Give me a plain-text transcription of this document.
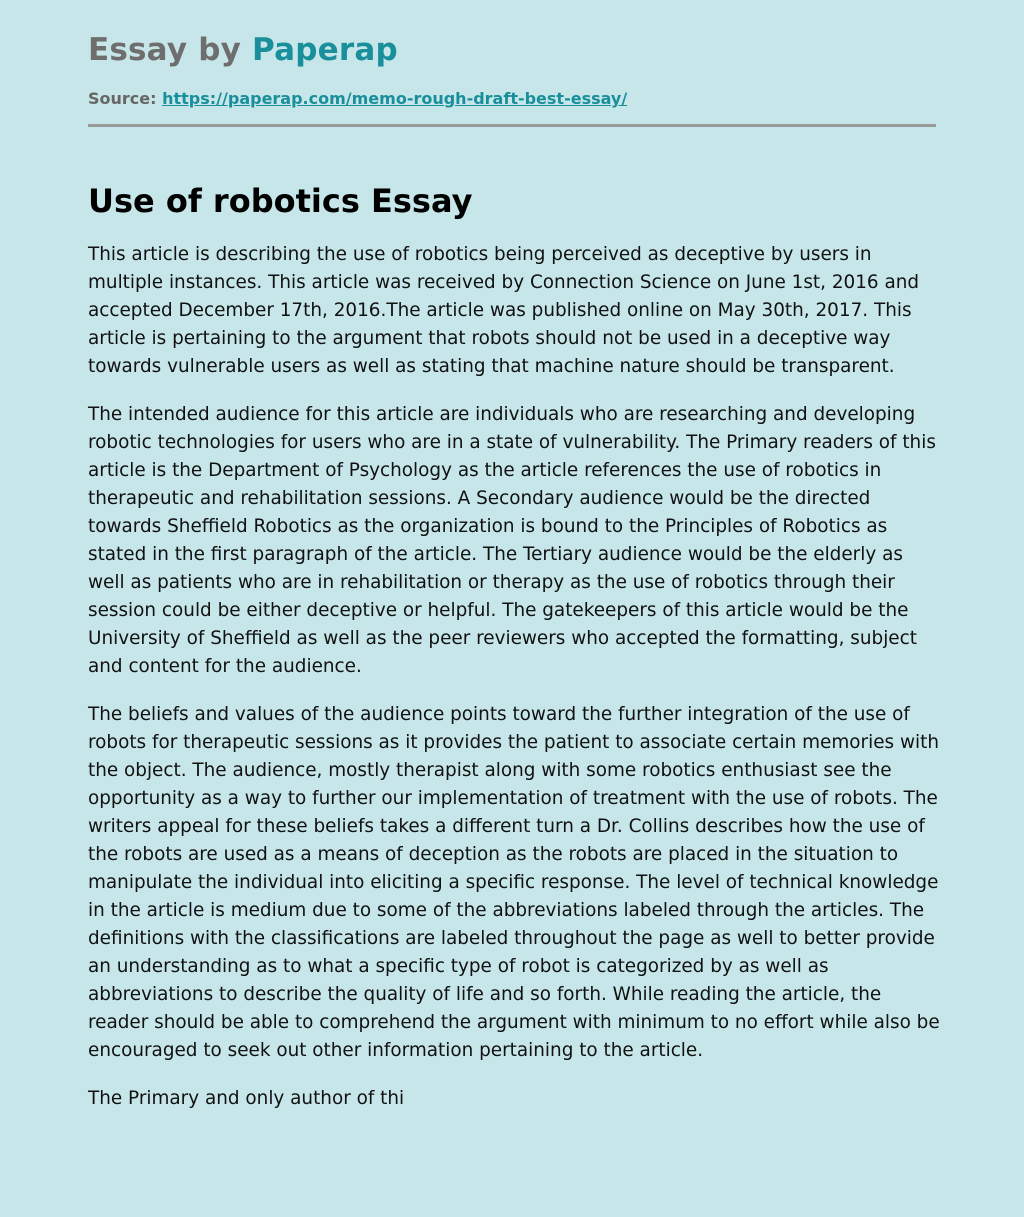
Essay by Paperap
Source: https://paperap.com/memo-rough-draft-best-essay/
Use of robotics Essay

This article is describing the use of robotics being perceived as deceptive by users in multiple instances. This article was received by Connection Science on June 1st, 2016 and accepted December 17th, 2016.The article was published online on May 30th, 2017. This article is pertaining to the argument that robots should not be used in a deceptive way towards vulnerable users as well as stating that machine nature should be transparent.

The intended audience for this article are individuals who are researching and developing robotic technologies for users who are in a state of vulnerability. The Primary readers of this article is the Department of Psychology as the article references the use of robotics in therapeutic and rehabilitation sessions. A Secondary audience would be the directed towards Sheffield Robotics as the organization is bound to the Principles of Robotics as stated in the first paragraph of the article. The Tertiary audience would be the elderly as well as patients who are in rehabilitation or therapy as the use of robotics through their session could be either deceptive or helpful. The gatekeepers of this article would be the University of Sheffield as well as the peer reviewers who accepted the formatting, subject and content for the audience.

The beliefs and values of the audience points toward the further integration of the use of robots for therapeutic sessions as it provides the patient to associate certain memories with the object. The audience, mostly therapist along with some robotics enthusiast see the opportunity as a way to further our implementation of treatment with the use of robots. The writers appeal for these beliefs takes a different turn a Dr. Collins describes how the use of the robots are used as a means of deception as the robots are placed in the situation to manipulate the individual into eliciting a specific response. The level of technical knowledge in the article is medium due to some of the abbreviations labeled through the articles. The definitions with the classifications are labeled throughout the page as well to better provide an understanding as to what a specific type of robot is categorized by as well as abbreviations to describe the quality of life and so forth. While reading the article, the reader should be able to comprehend the argument with minimum to no effort while also be encouraged to seek out other information pertaining to the article.

The Primary and only author of thi
